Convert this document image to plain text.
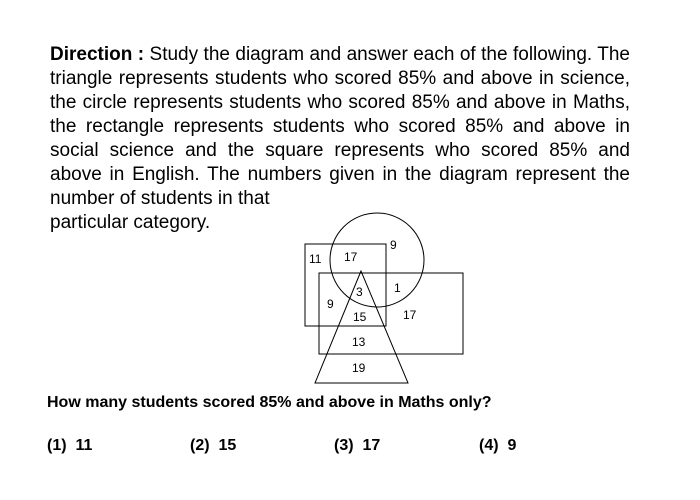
Direction : Study the diagram and answer each of the following. The triangle represents students who scored 85% and above in science, the circle represents students who scored 85% and above in Maths, the rectangle represents students who scored 85% and above in social science and the square represents who scored 85% and above in English. The numbers given in the diagram represent the number of students in that
particular category.

11 17
9
3	1
9
15	17
13
19

How many students scored 85% and above in Maths only?

(1) 11	(2) 15	(3) 17	(4) 9
